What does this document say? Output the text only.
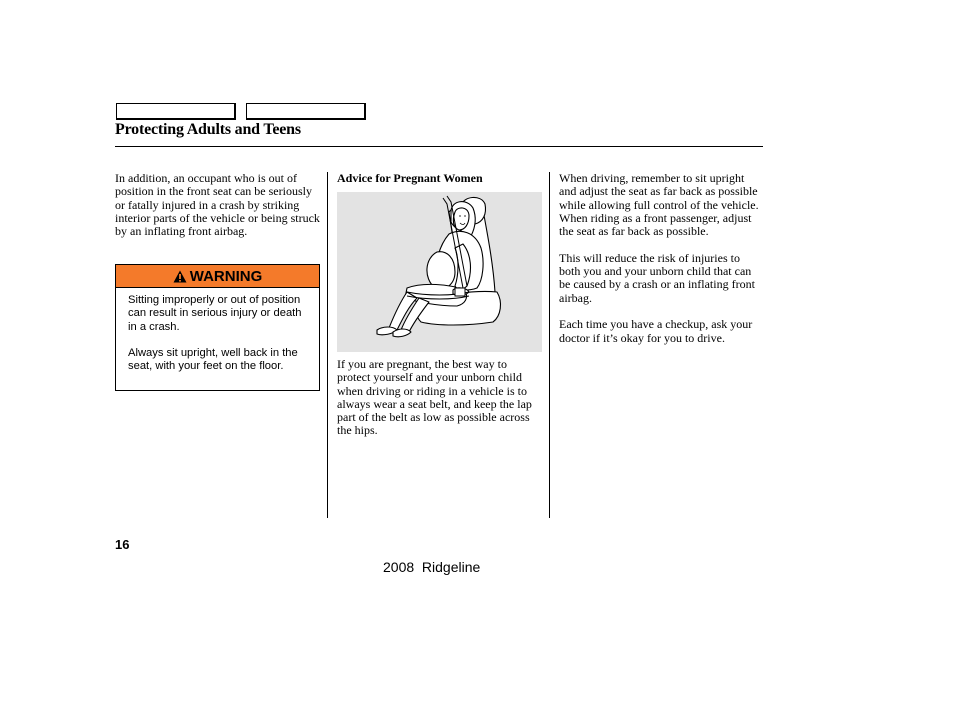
Protecting Adults and Teens

In addition, an occupant who is out of position in the front seat can be seriously or fatally injured in a crash by striking interior parts of the vehicle or being struck by an inflating front airbag.

WARNING

Sitting improperly or out of position can result in serious injury or death in a crash.

Always sit upright, well back in the seat, with your feet on the floor.

Advice for Pregnant Women

If you are pregnant, the best way to protect yourself and your unborn child when driving or riding in a vehicle is to always wear a seat belt, and keep the lap part of the belt as low as possible across the hips.

When driving, remember to sit upright and adjust the seat as far back as possible while allowing full control of the vehicle. When riding as a front passenger, adjust the seat as far back as possible.

This will reduce the risk of injuries to both you and your unborn child that can be caused by a crash or an inflating front airbag.

Each time you have a checkup, ask your doctor if it’s okay for you to drive.

16
2008  Ridgeline
